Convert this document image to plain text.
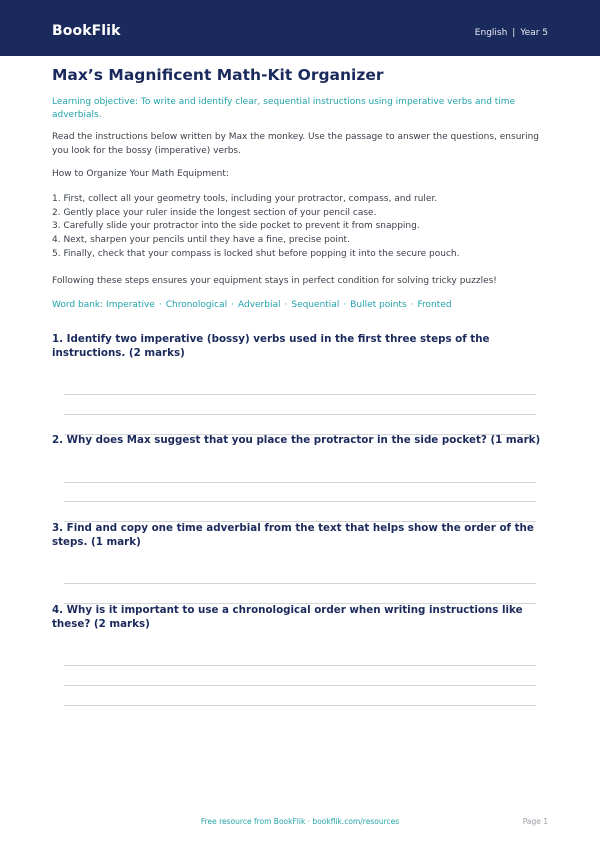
BookFlik	English | Year 5
Max’s Magnificent Math-Kit Organizer
Learning objective: To write and identify clear, sequential instructions using imperative verbs and time adverbials.
Read the instructions below written by Max the monkey. Use the passage to answer the questions, ensuring you look for the bossy (imperative) verbs.
How to Organize Your Math Equipment:
1. First, collect all your geometry tools, including your protractor, compass, and ruler.
2. Gently place your ruler inside the longest section of your pencil case.
3. Carefully slide your protractor into the side pocket to prevent it from snapping.
4. Next, sharpen your pencils until they have a fine, precise point.
5. Finally, check that your compass is locked shut before popping it into the secure pouch.
Following these steps ensures your equipment stays in perfect condition for solving tricky puzzles!
Word bank: Imperative · Chronological · Adverbial · Sequential · Bullet points · Fronted
1. Identify two imperative (bossy) verbs used in the first three steps of the instructions. (2 marks)
2. Why does Max suggest that you place the protractor in the side pocket? (1 mark)
3. Find and copy one time adverbial from the text that helps show the order of the steps. (1 mark)
4. Why is it important to use a chronological order when writing instructions like these? (2 marks)
Free resource from BookFlik · bookflik.com/resources	Page 1
